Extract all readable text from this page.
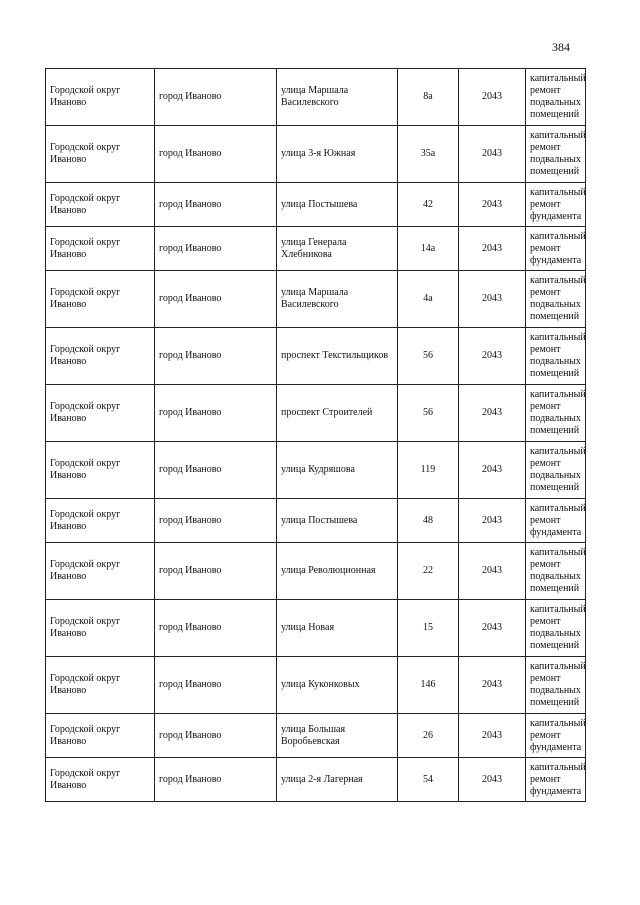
384
Городской округ Иваново	город Иваново	улица Маршала Василевского	8а	2043	капитальный ремонт подвальных помещений
Городской округ Иваново	город Иваново	улица 3-я Южная	35а	2043	капитальный ремонт подвальных помещений
Городской округ Иваново	город Иваново	улица Постышева	42	2043	капитальный ремонт фундамента
Городской округ Иваново	город Иваново	улица Генерала Хлебникова	14а	2043	капитальный ремонт фундамента
Городской округ Иваново	город Иваново	улица Маршала Василевского	4а	2043	капитальный ремонт подвальных помещений
Городской округ Иваново	город Иваново	проспект Текстильщиков	56	2043	капитальный ремонт подвальных помещений
Городской округ Иваново	город Иваново	проспект Строителей	56	2043	капитальный ремонт подвальных помещений
Городской округ Иваново	город Иваново	улица Кудряшова	119	2043	капитальный ремонт подвальных помещений
Городской округ Иваново	город Иваново	улица Постышева	48	2043	капитальный ремонт фундамента
Городской округ Иваново	город Иваново	улица Революционная	22	2043	капитальный ремонт подвальных помещений
Городской округ Иваново	город Иваново	улица Новая	15	2043	капитальный ремонт подвальных помещений
Городской округ Иваново	город Иваново	улица Куконковых	146	2043	капитальный ремонт подвальных помещений
Городской округ Иваново	город Иваново	улица Большая Воробьевская	26	2043	капитальный ремонт фундамента
Городской округ Иваново	город Иваново	улица 2-я Лагерная	54	2043	капитальный ремонт фундамента
